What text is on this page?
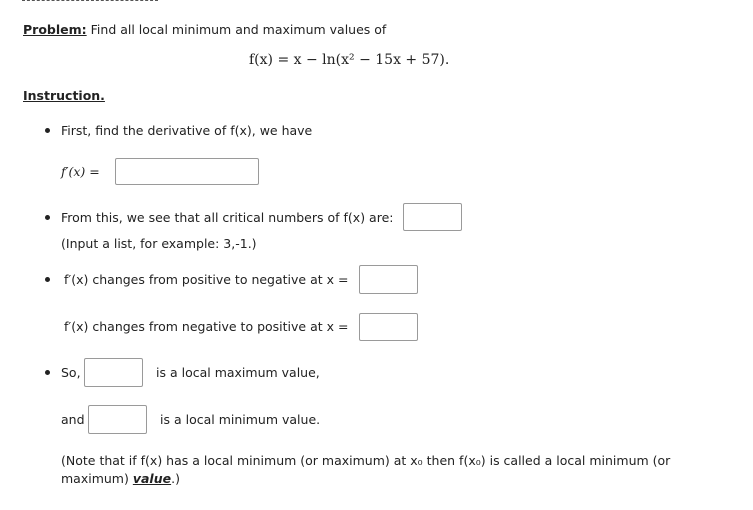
Problem: Find all local minimum and maximum values of
f(x) = x − ln(x² − 15x + 57).
Instruction.
First, find the derivative of f(x), we have
f′(x) =
From this, we see that all critical numbers of f(x) are:
(Input a list, for example: 3,-1.)
f′(x) changes from positive to negative at x =
f′(x) changes from negative to positive at x =
So,	is a local maximum value,
and	is a local minimum value.
(Note that if f(x) has a local minimum (or maximum) at x₀ then f(x₀) is called a local minimum (or
maximum) value.)
